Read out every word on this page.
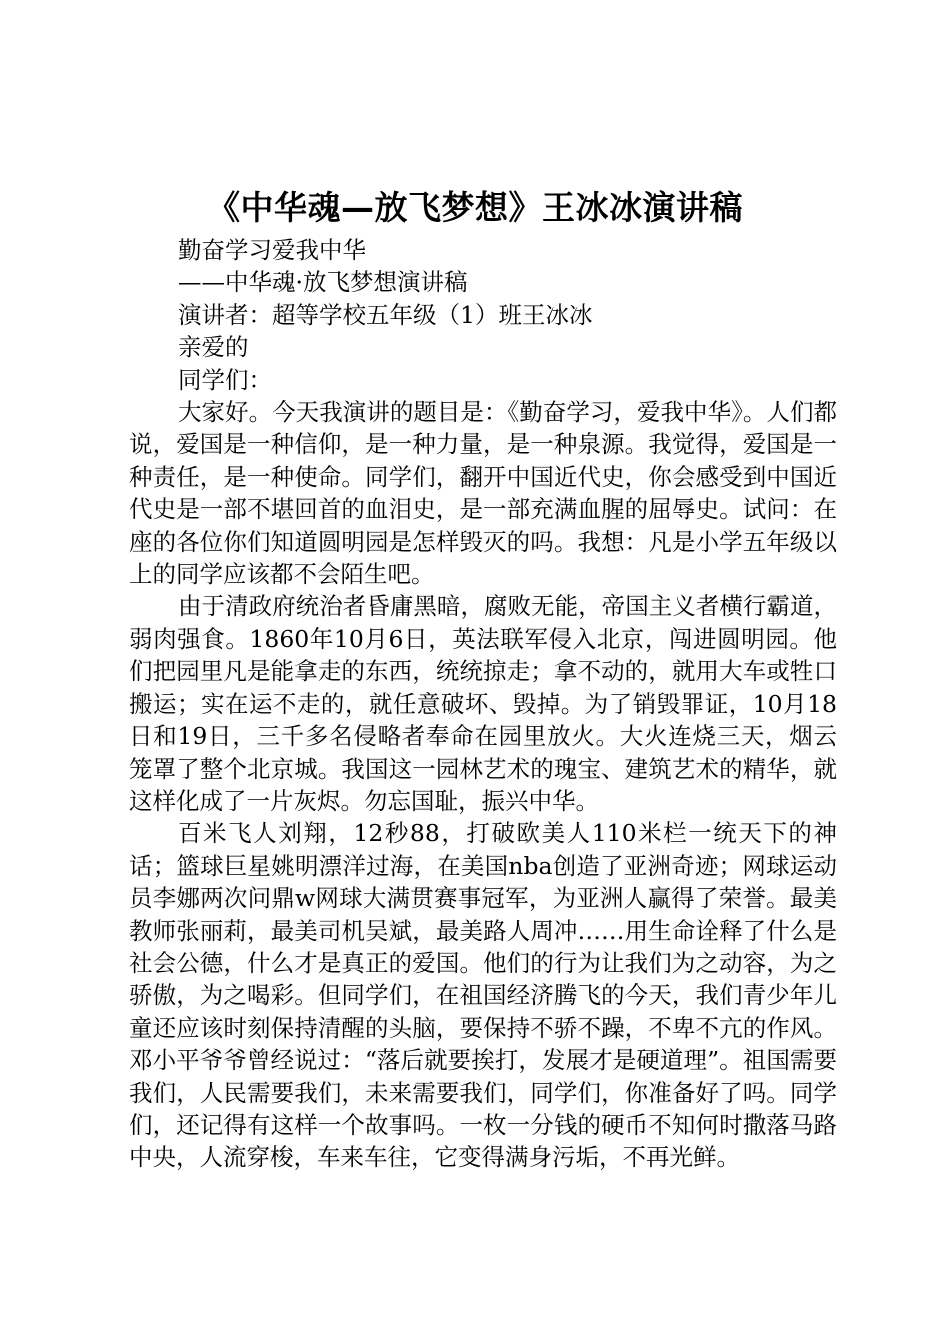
《中华魂—放飞梦想》王冰冰演讲稿

勤奋学习爱我中华

——中华魂·放飞梦想演讲稿

演讲者：超等学校五年级（1）班王冰冰

亲爱的

同学们：

大家好。今天我演讲的题目是：《勤奋学习，爱我中华》。人们都说，爱国是一种信仰，是一种力量，是一种泉源。我觉得，爱国是一种责任，是一种使命。同学们，翻开中国近代史，你会感受到中国近代史是一部不堪回首的血泪史，是一部充满血腥的屈辱史。试问：在座的各位你们知道圆明园是怎样毁灭的吗。我想：凡是小学五年级以上的同学应该都不会陌生吧。

由于清政府统治者昏庸黑暗，腐败无能，帝国主义者横行霸道，弱肉强食。1860年10月6日，英法联军侵入北京，闯进圆明园。他们把园里凡是能拿走的东西，统统掠走；拿不动的，就用大车或牲口搬运；实在运不走的，就任意破坏、毁掉。为了销毁罪证，10月18日和19日，三千多名侵略者奉命在园里放火。大火连烧三天，烟云笼罩了整个北京城。我国这一园林艺术的瑰宝、建筑艺术的精华，就这样化成了一片灰烬。勿忘国耻，振兴中华。

百米飞人刘翔，12秒88，打破欧美人110米栏一统天下的神话；篮球巨星姚明漂洋过海，在美国nba创造了亚洲奇迹；网球运动员李娜两次问鼎w网球大满贯赛事冠军，为亚洲人赢得了荣誉。最美教师张丽莉，最美司机吴斌，最美路人周冲……用生命诠释了什么是社会公德，什么才是真正的爱国。他们的行为让我们为之动容，为之骄傲，为之喝彩。但同学们，在祖国经济腾飞的今天，我们青少年儿童还应该时刻保持清醒的头脑，要保持不骄不躁，不卑不亢的作风。邓小平爷爷曾经说过：“落后就要挨打，发展才是硬道理”。祖国需要我们，人民需要我们，未来需要我们，同学们，你准备好了吗。同学们，还记得有这样一个故事吗。一枚一分钱的硬币不知何时撒落马路中央，人流穿梭，车来车往，它变得满身污垢，不再光鲜。
